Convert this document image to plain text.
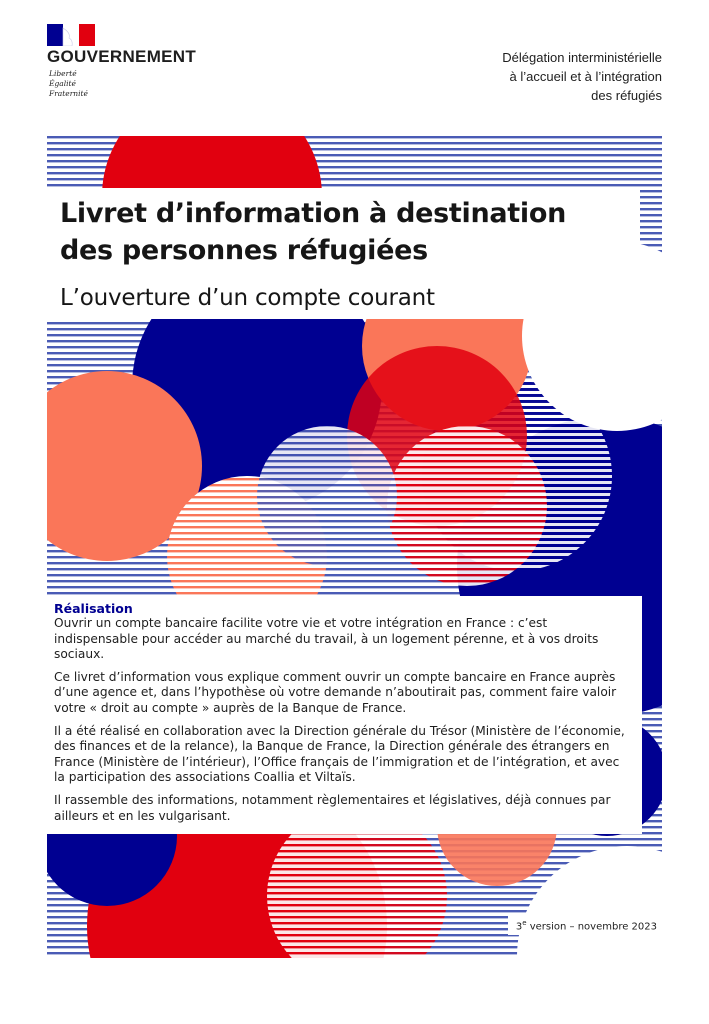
GOUVERNEMENT
Liberté
Égalité
Fraternité
Délégation interministérielle
à l’accueil et à l’intégration
des réfugiés
Livret d’information à destination
des personnes réfugiées
L’ouverture d’un compte courant
Réalisation

Ouvrir un compte bancaire facilite votre vie et votre intégration en France : c’est indispensable pour accéder au marché du travail, à un logement pérenne, et à vos droits sociaux.

Ce livret d’information vous explique comment ouvrir un compte bancaire en France auprès d’une agence et, dans l’hypothèse où votre demande n’aboutirait pas, comment faire valoir votre « droit au compte » auprès de la Banque de France.

Il a été réalisé en collaboration avec la Direction générale du Trésor (Ministère de l’économie, des finances et de la relance), la Banque de France, la Direction générale des étrangers en France (Ministère de l’intérieur), l’Office français de l’immigration et de l’intégration, et avec la participation des associations Coallia et Viltaïs.

Il rassemble des informations, notamment règlementaires et législatives, déjà connues par ailleurs et en les vulgarisant.

3e version – novembre 2023
